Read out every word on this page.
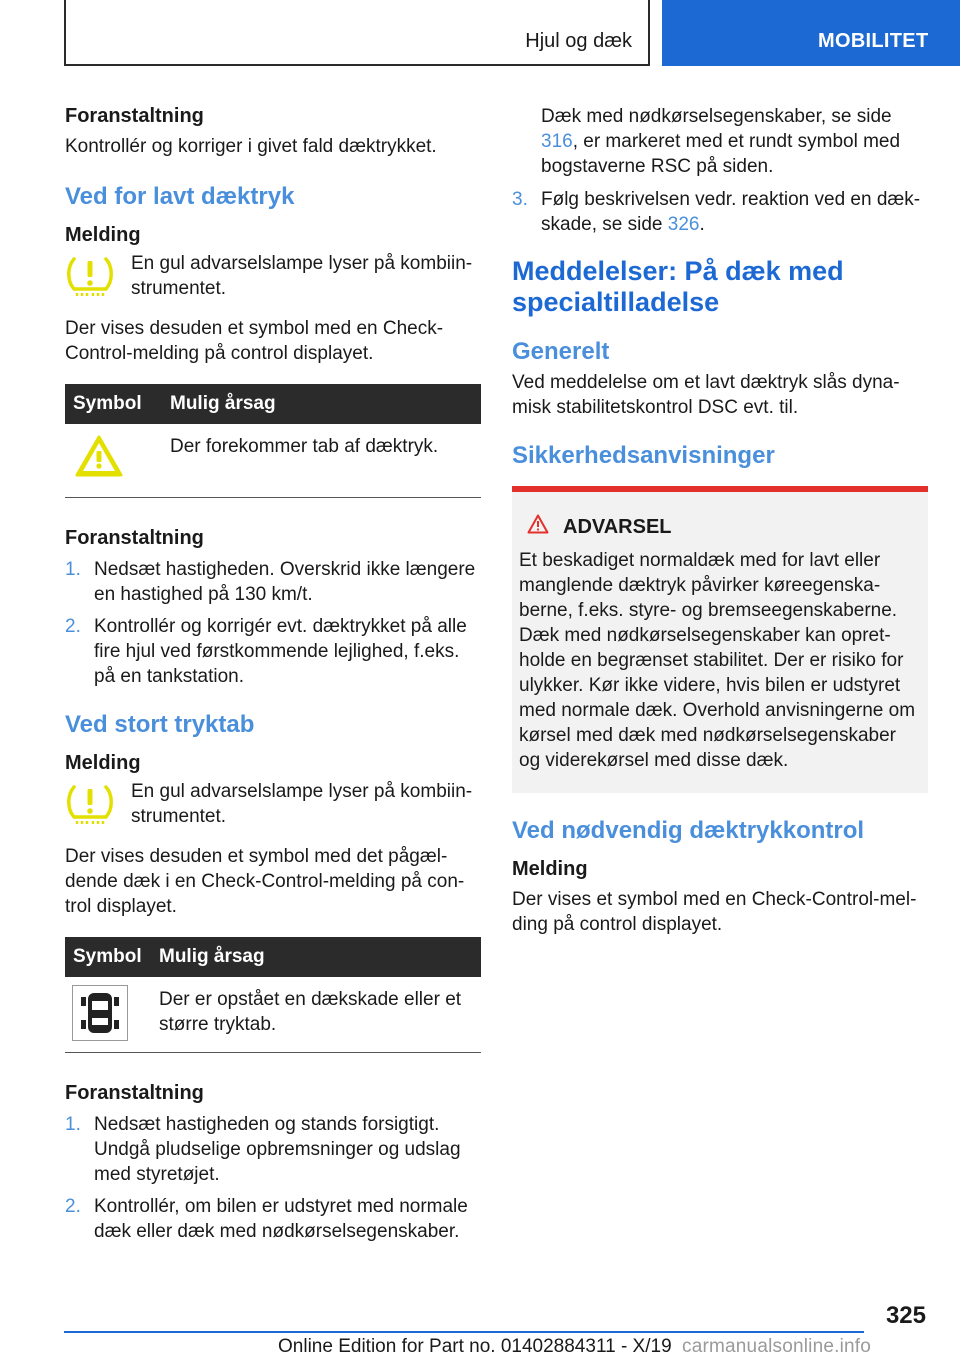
Hjul og dæk	MOBILITET
Foranstaltning
Kontrollér og korriger i givet fald dæktrykket.
Ved for lavt dæktryk
Melding
En gul advarselslampe lyser på kombiinstrumentet.
Der vises desuden et symbol med en Check-Control-melding på control displayet.
Symbol	Mulig årsag
Der forekommer tab af dæktryk.
Foranstaltning
1. Nedsæt hastigheden. Overskrid ikke længere en hastighed på 130 km/t.
2. Kontrollér og korrigér evt. dæktrykket på alle fire hjul ved førstkommende lejlighed, f.eks. på en tankstation.
Ved stort tryktab
Melding
En gul advarselslampe lyser på kombiinstrumentet.
Der vises desuden et symbol med det pågældende dæk i en Check-Control-melding på control displayet.
Symbol Mulig årsag
Der er opstået en dækskade eller et større tryktab.
Foranstaltning
1. Nedsæt hastigheden og stands forsigtigt. Undgå pludselige opbremsninger og udslag med styretøjet.
2. Kontrollér, om bilen er udstyret med normale dæk eller dæk med nødkørselsegenskaber.
Dæk med nødkørselsegenskaber, se side 316, er markeret med et rundt symbol med bogstaverne RSC på siden.
3. Følg beskrivelsen vedr. reaktion ved en dækskade, se side 326.
Meddelelser: På dæk med specialtilladelse
Generelt
Ved meddelelse om et lavt dæktryk slås dynamisk stabilitetskontrol DSC evt. til.
Sikkerhedsanvisninger
ADVARSEL
Et beskadiget normaldæk med for lavt eller manglende dæktryk påvirker køreegenskaberne, f.eks. styre- og bremseegenskaberne. Dæk med nødkørselsegenskaber kan opretholde en begrænset stabilitet. Der er risiko for ulykker. Kør ikke videre, hvis bilen er udstyret med normale dæk. Overhold anvisningerne om kørsel med dæk med nødkørselsegenskaber og viderekørsel med disse dæk.
Ved nødvendig dæktrykkontrol
Melding
Der vises et symbol med en Check-Control-melding på control displayet.
325
Online Edition for Part no. 01402884311 - X/19 carmanualsonline.info
